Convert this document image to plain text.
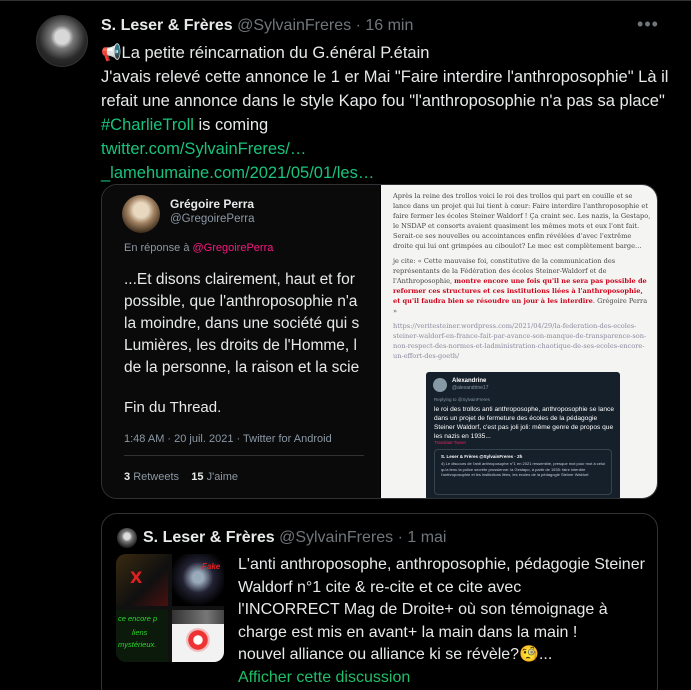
S. Leser & Frères @SylvainFreres · 16 min	•••

📢La petite réincarnation du G.énéral P.étain

J'avais relevé cette annonce le 1 er Mai "Faire interdire l'anthroposophie" Là il

refait une annonce dans le style Kapo fou "l'anthroposophie n'a pas sa place"

#CharlieTroll is coming

twitter.com/SylvainFreres/…

_lamehumaine.com/2021/05/01/les…

Grégoire Perra
@GregoirePerra
En réponse à @GregoirePerra

...Et disons clairement, haut et for

possible, que l'anthroposophie n'a

la moindre, dans une société qui s

Lumières, les droits de l'Homme, l

de la personne, la raison et la scie

Fin du Thread.
1:48 AM · 20 juil. 2021 · Twitter for Android
3 Retweets 15 J'aime

Après la reine des trollos voici le roi des trollos qui part en couille et se lance dans un projet qui lui tient à cœur: Faire interdire l'anthroposophie et faire fermer les écoles Steiner Waldorf ! Ça craint sec. Les nazis, la Gestapo, le NSDAP et consorts avaient quasiment les mêmes mots et eux l'ont fait. Serait-ce ses nouvelles ou accointances enfin révélées d'avec l'extrême droite qui lui ont grimpées au ciboulot? Le mec est complètement barge…

je cite: « Cette mauvaise foi, constitutive de la communication des représentants de la Fédération des écoles Steiner-Waldorf et de l'Anthroposophie, montre encore une fois qu'il ne sera pas possible de reformer ces structures et ces institutions liées à l'anthroposophie, et qu'il faudra bien se résoudre un jour à les interdire. Grégoire Perra »

https://veritesteiner.wordpress.com/2021/04/29/la-federation-des-ecoles-steiner-waldorf-en-france-fait-par-avance-son-manque-de-transparence-son-non-respect-des-normes-et-ladministration-chaotique-de-ses-ecoles-encore-un-effort-des-goeth/

Alexandrine
@alexandrine17
Replying to @SylvainFreres
le roi des trollos anti anthroposophe, anthroposophie se lance dans un projet de fermeture des écoles de la pédagogie Steiner Waldorf, c'est pas joli joli: même genre de propos que les nazis en 1935...
Translate Tweet
S. Leser & Frères @SylvainFreres · 2h
4) Le discours de l'anti anthroposophe n°1 en 2021 ressemble, presque mot pour mot à celui qu'a tenu la police secrète prussienne: la Gestapo, à partir de 1935: faire interdire l'anthroposophie et les institutions liées, les écoles de la pédagogie Steiner Waldorf.
S. Leser & Frères @SylvainFreres · 1 mai
X
Fake

ce encore p

liens

mystérieux.

L'anti anthroposophe, anthroposophie, pédagogie Steiner

Waldorf n°1 cite & re-cite et ce cite avec

l'INCORRECT Mag de Droite+ où son témoignage à

charge est mis en avant+ la main dans la main !

nouvel alliance ou alliance ki se révèle?🧐...

Afficher cette discussion
